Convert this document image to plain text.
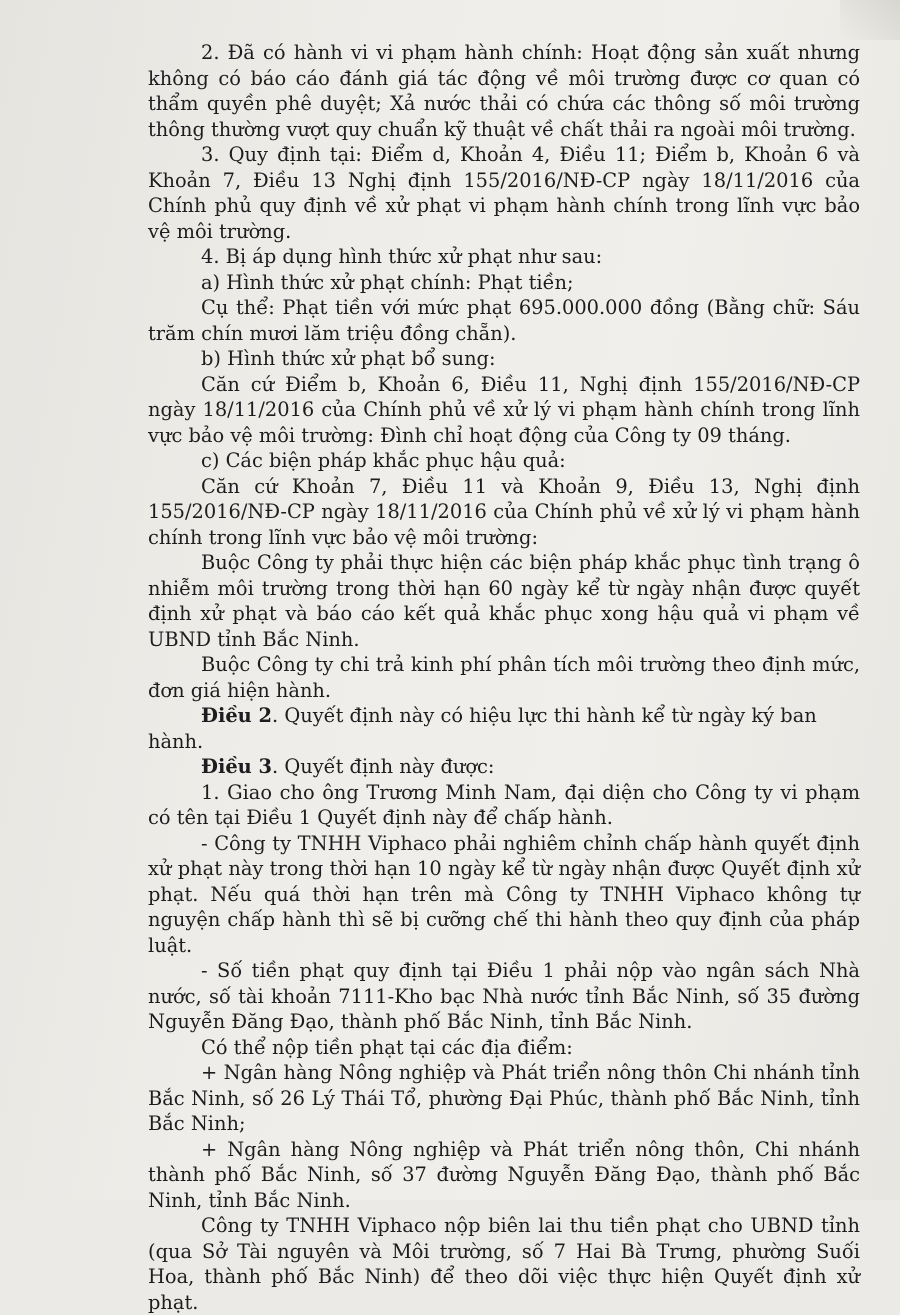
2. Đã có hành vi vi phạm hành chính: Hoạt động sản xuất nhưng không có báo cáo đánh giá tác động về môi trường được cơ quan có thẩm quyền phê duyệt; Xả nước thải có chứa các thông số môi trường thông thường vượt quy chuẩn kỹ thuật về chất thải ra ngoài môi trường.

3. Quy định tại: Điểm d, Khoản 4, Điều 11; Điểm b, Khoản 6 và Khoản 7, Điều 13 Nghị định 155/2016/NĐ-CP ngày 18/11/2016 của Chính phủ quy định về xử phạt vi phạm hành chính trong lĩnh vực bảo vệ môi trường.

4. Bị áp dụng hình thức xử phạt như sau:

a) Hình thức xử phạt chính: Phạt tiền;

Cụ thể: Phạt tiền với mức phạt 695.000.000 đồng (Bằng chữ: Sáu trăm chín mươi lăm triệu đồng chẵn).

b) Hình thức xử phạt bổ sung:

Căn cứ Điểm b, Khoản 6, Điều 11, Nghị định 155/2016/NĐ-CP ngày 18/11/2016 của Chính phủ về xử lý vi phạm hành chính trong lĩnh vực bảo vệ môi trường: Đình chỉ hoạt động của Công ty 09 tháng.

c) Các biện pháp khắc phục hậu quả:

Căn cứ Khoản 7, Điều 11 và Khoản 9, Điều 13, Nghị định 155/2016/NĐ-CP ngày 18/11/2016 của Chính phủ về xử lý vi phạm hành chính trong lĩnh vực bảo vệ môi trường:

Buộc Công ty phải thực hiện các biện pháp khắc phục tình trạng ô nhiễm môi trường trong thời hạn 60 ngày kể từ ngày nhận được quyết định xử phạt và báo cáo kết quả khắc phục xong hậu quả vi phạm về UBND tỉnh Bắc Ninh.

Buộc Công ty chi trả kinh phí phân tích môi trường theo định mức, đơn giá hiện hành.

Điều 2. Quyết định này có hiệu lực thi hành kể từ ngày ký ban hành.

Điều 3. Quyết định này được:

1. Giao cho ông Trương Minh Nam, đại diện cho Công ty vi phạm có tên tại Điều 1 Quyết định này để chấp hành.

- Công ty TNHH Viphaco phải nghiêm chỉnh chấp hành quyết định xử phạt này trong thời hạn 10 ngày kể từ ngày nhận được Quyết định xử phạt. Nếu quá thời hạn trên mà Công ty TNHH Viphaco không tự nguyện chấp hành thì sẽ bị cưỡng chế thi hành theo quy định của pháp luật.

- Số tiền phạt quy định tại Điều 1 phải nộp vào ngân sách Nhà nước, số tài khoản 7111-Kho bạc Nhà nước tỉnh Bắc Ninh, số 35 đường Nguyễn Đăng Đạo, thành phố Bắc Ninh, tỉnh Bắc Ninh.

Có thể nộp tiền phạt tại các địa điểm:

+ Ngân hàng Nông nghiệp và Phát triển nông thôn Chi nhánh tỉnh Bắc Ninh, số 26 Lý Thái Tổ, phường Đại Phúc, thành phố Bắc Ninh, tỉnh Bắc Ninh;

+ Ngân hàng Nông nghiệp và Phát triển nông thôn, Chi nhánh thành phố Bắc Ninh, số 37 đường Nguyễn Đăng Đạo, thành phố Bắc Ninh, tỉnh Bắc Ninh.

Công ty TNHH Viphaco nộp biên lai thu tiền phạt cho UBND tỉnh (qua Sở Tài nguyên và Môi trường, số 7 Hai Bà Trưng, phường Suối Hoa, thành phố Bắc Ninh) để theo dõi việc thực hiện Quyết định xử phạt.
